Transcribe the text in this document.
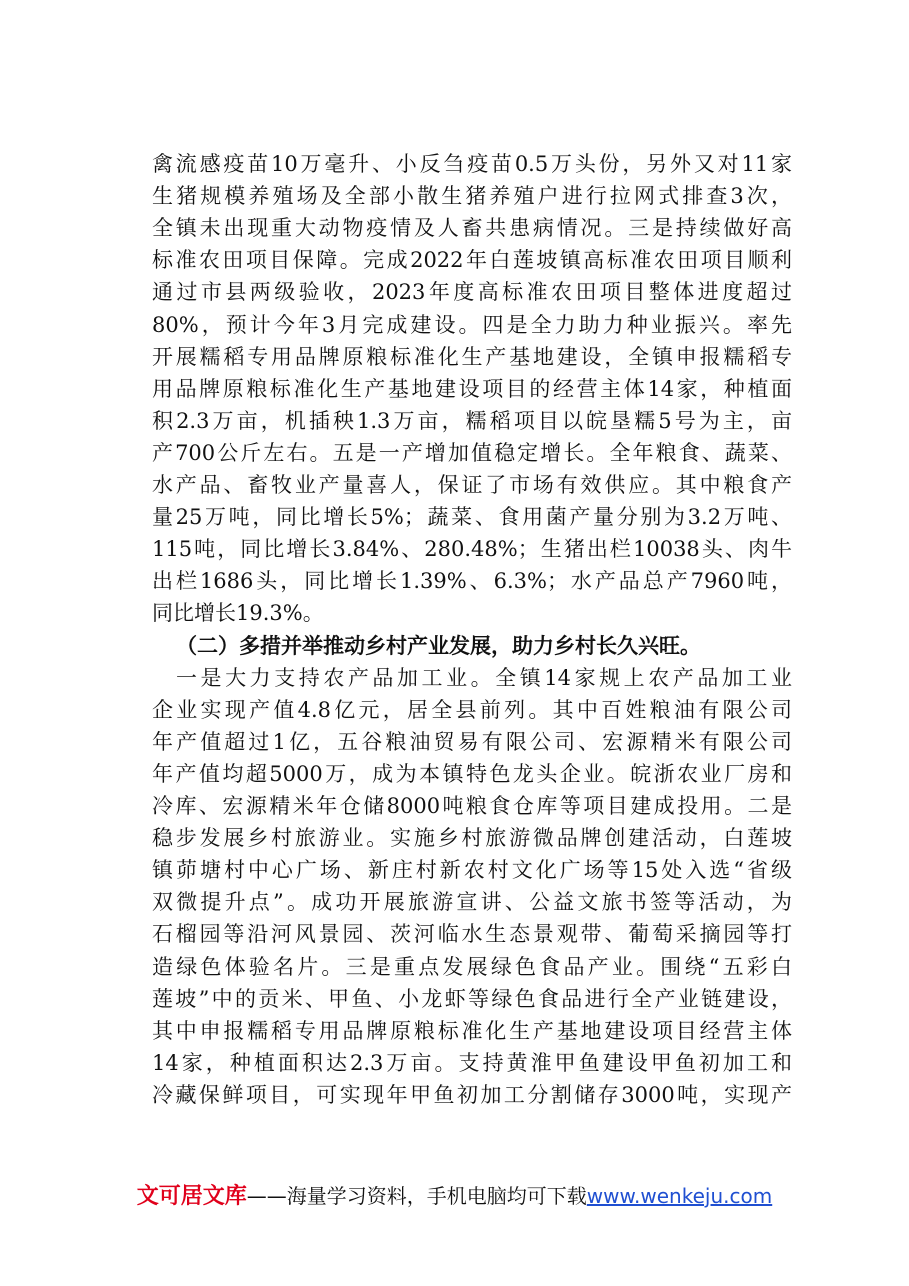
禽流感疫苗10万毫升、小反刍疫苗0.5万头份，另外又对11家
生猪规模养殖场及全部小散生猪养殖户进行拉网式排查3次，
全镇未出现重大动物疫情及人畜共患病情况。三是持续做好高
标准农田项目保障。完成2022年白莲坡镇高标准农田项目顺利
通过市县两级验收，2023年度高标准农田项目整体进度超过
80%，预计今年3月完成建设。四是全力助力种业振兴。率先
开展糯稻专用品牌原粮标准化生产基地建设，全镇申报糯稻专
用品牌原粮标准化生产基地建设项目的经营主体14家，种植面
积2.3万亩，机插秧1.3万亩，糯稻项目以皖垦糯5号为主，亩
产700公斤左右。五是一产增加值稳定增长。全年粮食、蔬菜、
水产品、畜牧业产量喜人，保证了市场有效供应。其中粮食产
量25万吨，同比增长5%；蔬菜、食用菌产量分别为3.2万吨、
115吨，同比增长3.84%、280.48%；生猪出栏10038头、肉牛
出栏1686头，同比增长1.39%、6.3%；水产品总产7960吨，
同比增长19.3%。
（二）多措并举推动乡村产业发展，助力乡村长久兴旺。
一是大力支持农产品加工业。全镇14家规上农产品加工业
企业实现产值4.8亿元，居全县前列。其中百姓粮油有限公司
年产值超过1亿，五谷粮油贸易有限公司、宏源精米有限公司
年产值均超5000万，成为本镇特色龙头企业。皖浙农业厂房和
冷库、宏源精米年仓储8000吨粮食仓库等项目建成投用。二是
稳步发展乡村旅游业。实施乡村旅游微品牌创建活动，白莲坡
镇茆塘村中心广场、新庄村新农村文化广场等15处入选“省级
双微提升点”。成功开展旅游宣讲、公益文旅书签等活动，为
石榴园等沿河风景园、茨河临水生态景观带、葡萄采摘园等打
造绿色体验名片。三是重点发展绿色食品产业。围绕“五彩白
莲坡”中的贡米、甲鱼、小龙虾等绿色食品进行全产业链建设，
其中申报糯稻专用品牌原粮标准化生产基地建设项目经营主体
14家，种植面积达2.3万亩。支持黄淮甲鱼建设甲鱼初加工和
冷藏保鲜项目，可实现年甲鱼初加工分割储存3000吨，实现产
文可居文库——海量学习资料，手机电脑均可下载www.wenkeju.com
